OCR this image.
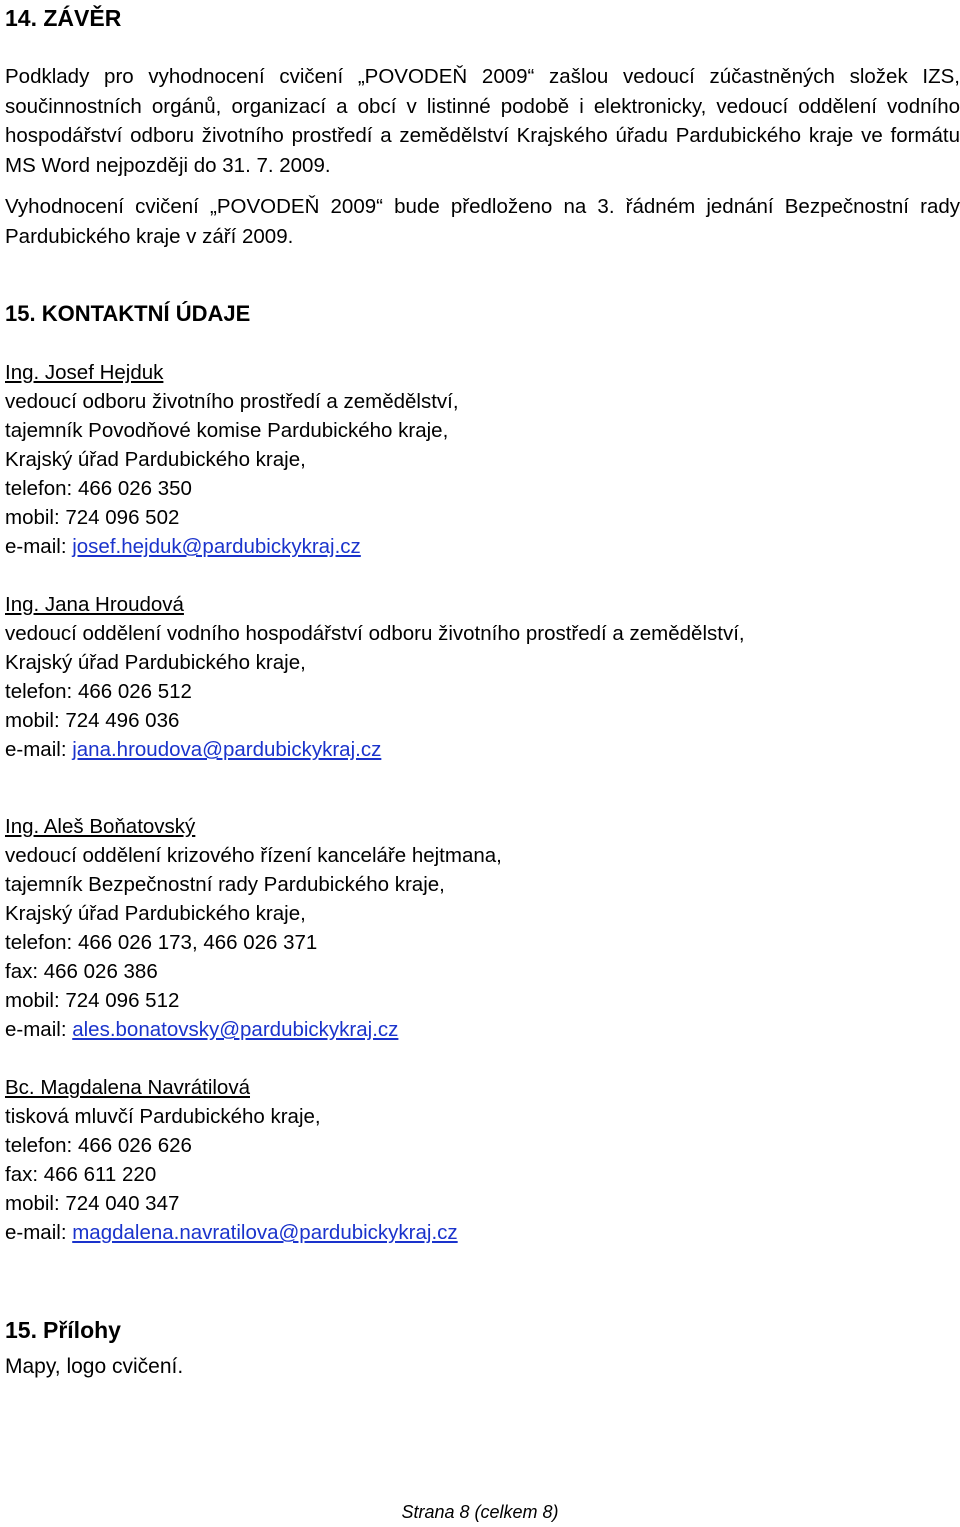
14. ZÁVĚR

Podklady pro vyhodnocení cvičení „POVODEŇ 2009“ zašlou vedoucí zúčastněných složek IZS, součinnostních orgánů, organizací a obcí v listinné podobě i elektronicky, vedoucí oddělení vodního hospodářství odboru životního prostředí a zemědělství Krajského úřadu Pardubického kraje ve formátu MS Word nejpozději do 31. 7. 2009.

Vyhodnocení cvičení „POVODEŇ 2009“ bude předloženo na 3. řádném jednání Bezpečnostní rady Pardubického kraje v září 2009.

15. KONTAKTNÍ ÚDAJE
Ing. Josef Hejduk
vedoucí odboru životního prostředí a zemědělství,
tajemník Povodňové komise Pardubického kraje,
Krajský úřad Pardubického kraje,
telefon: 466 026 350
mobil: 724 096 502
e-mail: josef.hejduk@pardubickykraj.cz
Ing. Jana Hroudová
vedoucí oddělení vodního hospodářství odboru životního prostředí a zemědělství,
Krajský úřad Pardubického kraje,
telefon: 466 026 512
mobil: 724 496 036
e-mail: jana.hroudova@pardubickykraj.cz
Ing. Aleš Boňatovský
vedoucí oddělení krizového řízení kanceláře hejtmana,
tajemník Bezpečnostní rady Pardubického kraje,
Krajský úřad Pardubického kraje,
telefon: 466 026 173, 466 026 371
fax: 466 026 386
mobil: 724 096 512
e-mail: ales.bonatovsky@pardubickykraj.cz
Bc. Magdalena Navrátilová
tisková mluvčí Pardubického kraje,
telefon: 466 026 626
fax: 466 611 220
mobil: 724 040 347
e-mail: magdalena.navratilova@pardubickykraj.cz
15. Přílohy

Mapy, logo cvičení.

Strana 8 (celkem 8)
